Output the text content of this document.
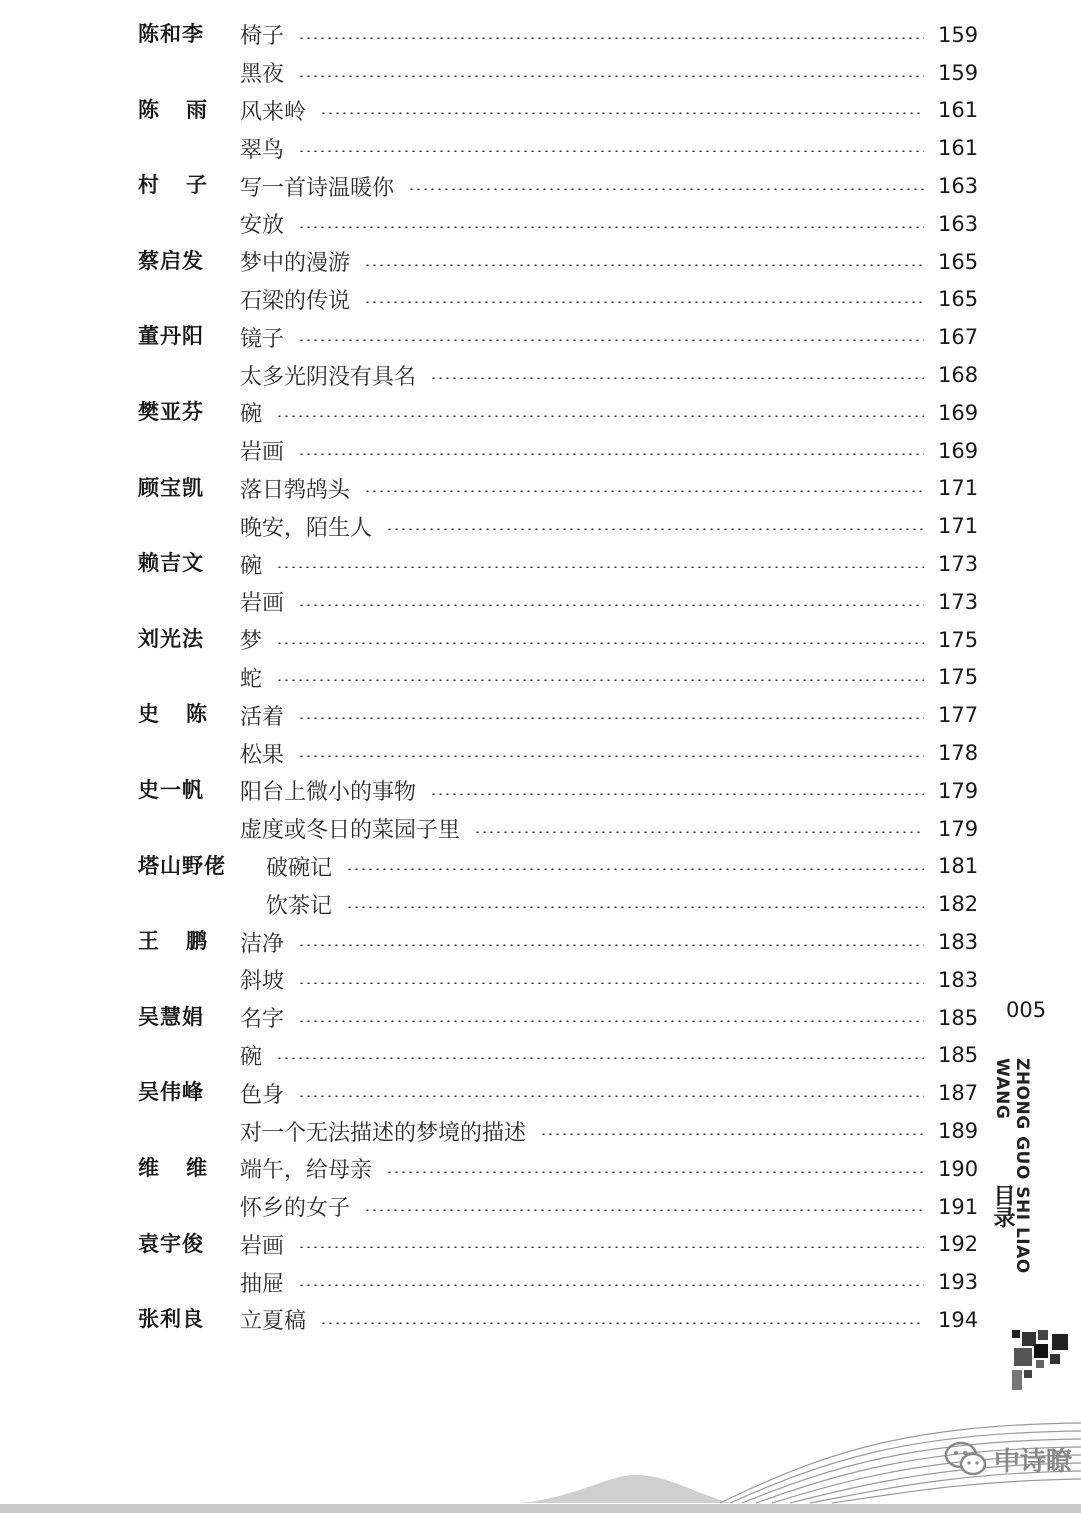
陈和李 椅子	159
黑夜	159
陈雨 风来岭	161
翠鸟	161
村子 写一首诗温暖你	163
安放	163
蔡启发 梦中的漫游	165
石梁的传说	165
董丹阳 镜子	167
太多光阴没有具名	168
樊亚芬 碗	169
岩画	169
顾宝凯 落日鹁鸪头	171
晚安，陌生人	171
赖吉文 碗	173
岩画	173
刘光法 梦	175
蛇	175
史陈 活着	177
松果	178
史一帆 阳台上微小的事物	179
虚度或冬日的菜园子里	179
塔山野佬 破碗记	181
饮茶记	182
王鹏 洁净	183
斜坡	183
吴慧娟 名字	185
碗	185
吴伟峰 色身	187
对一个无法描述的梦境的描述	189
维维 端午，给母亲	190
怀乡的女子	191
袁宇俊 岩画	192
抽屉	193
张利良 立夏稿	194
005
ZHONG GUO SHI LIAO WANG
目录
中诗瞭
